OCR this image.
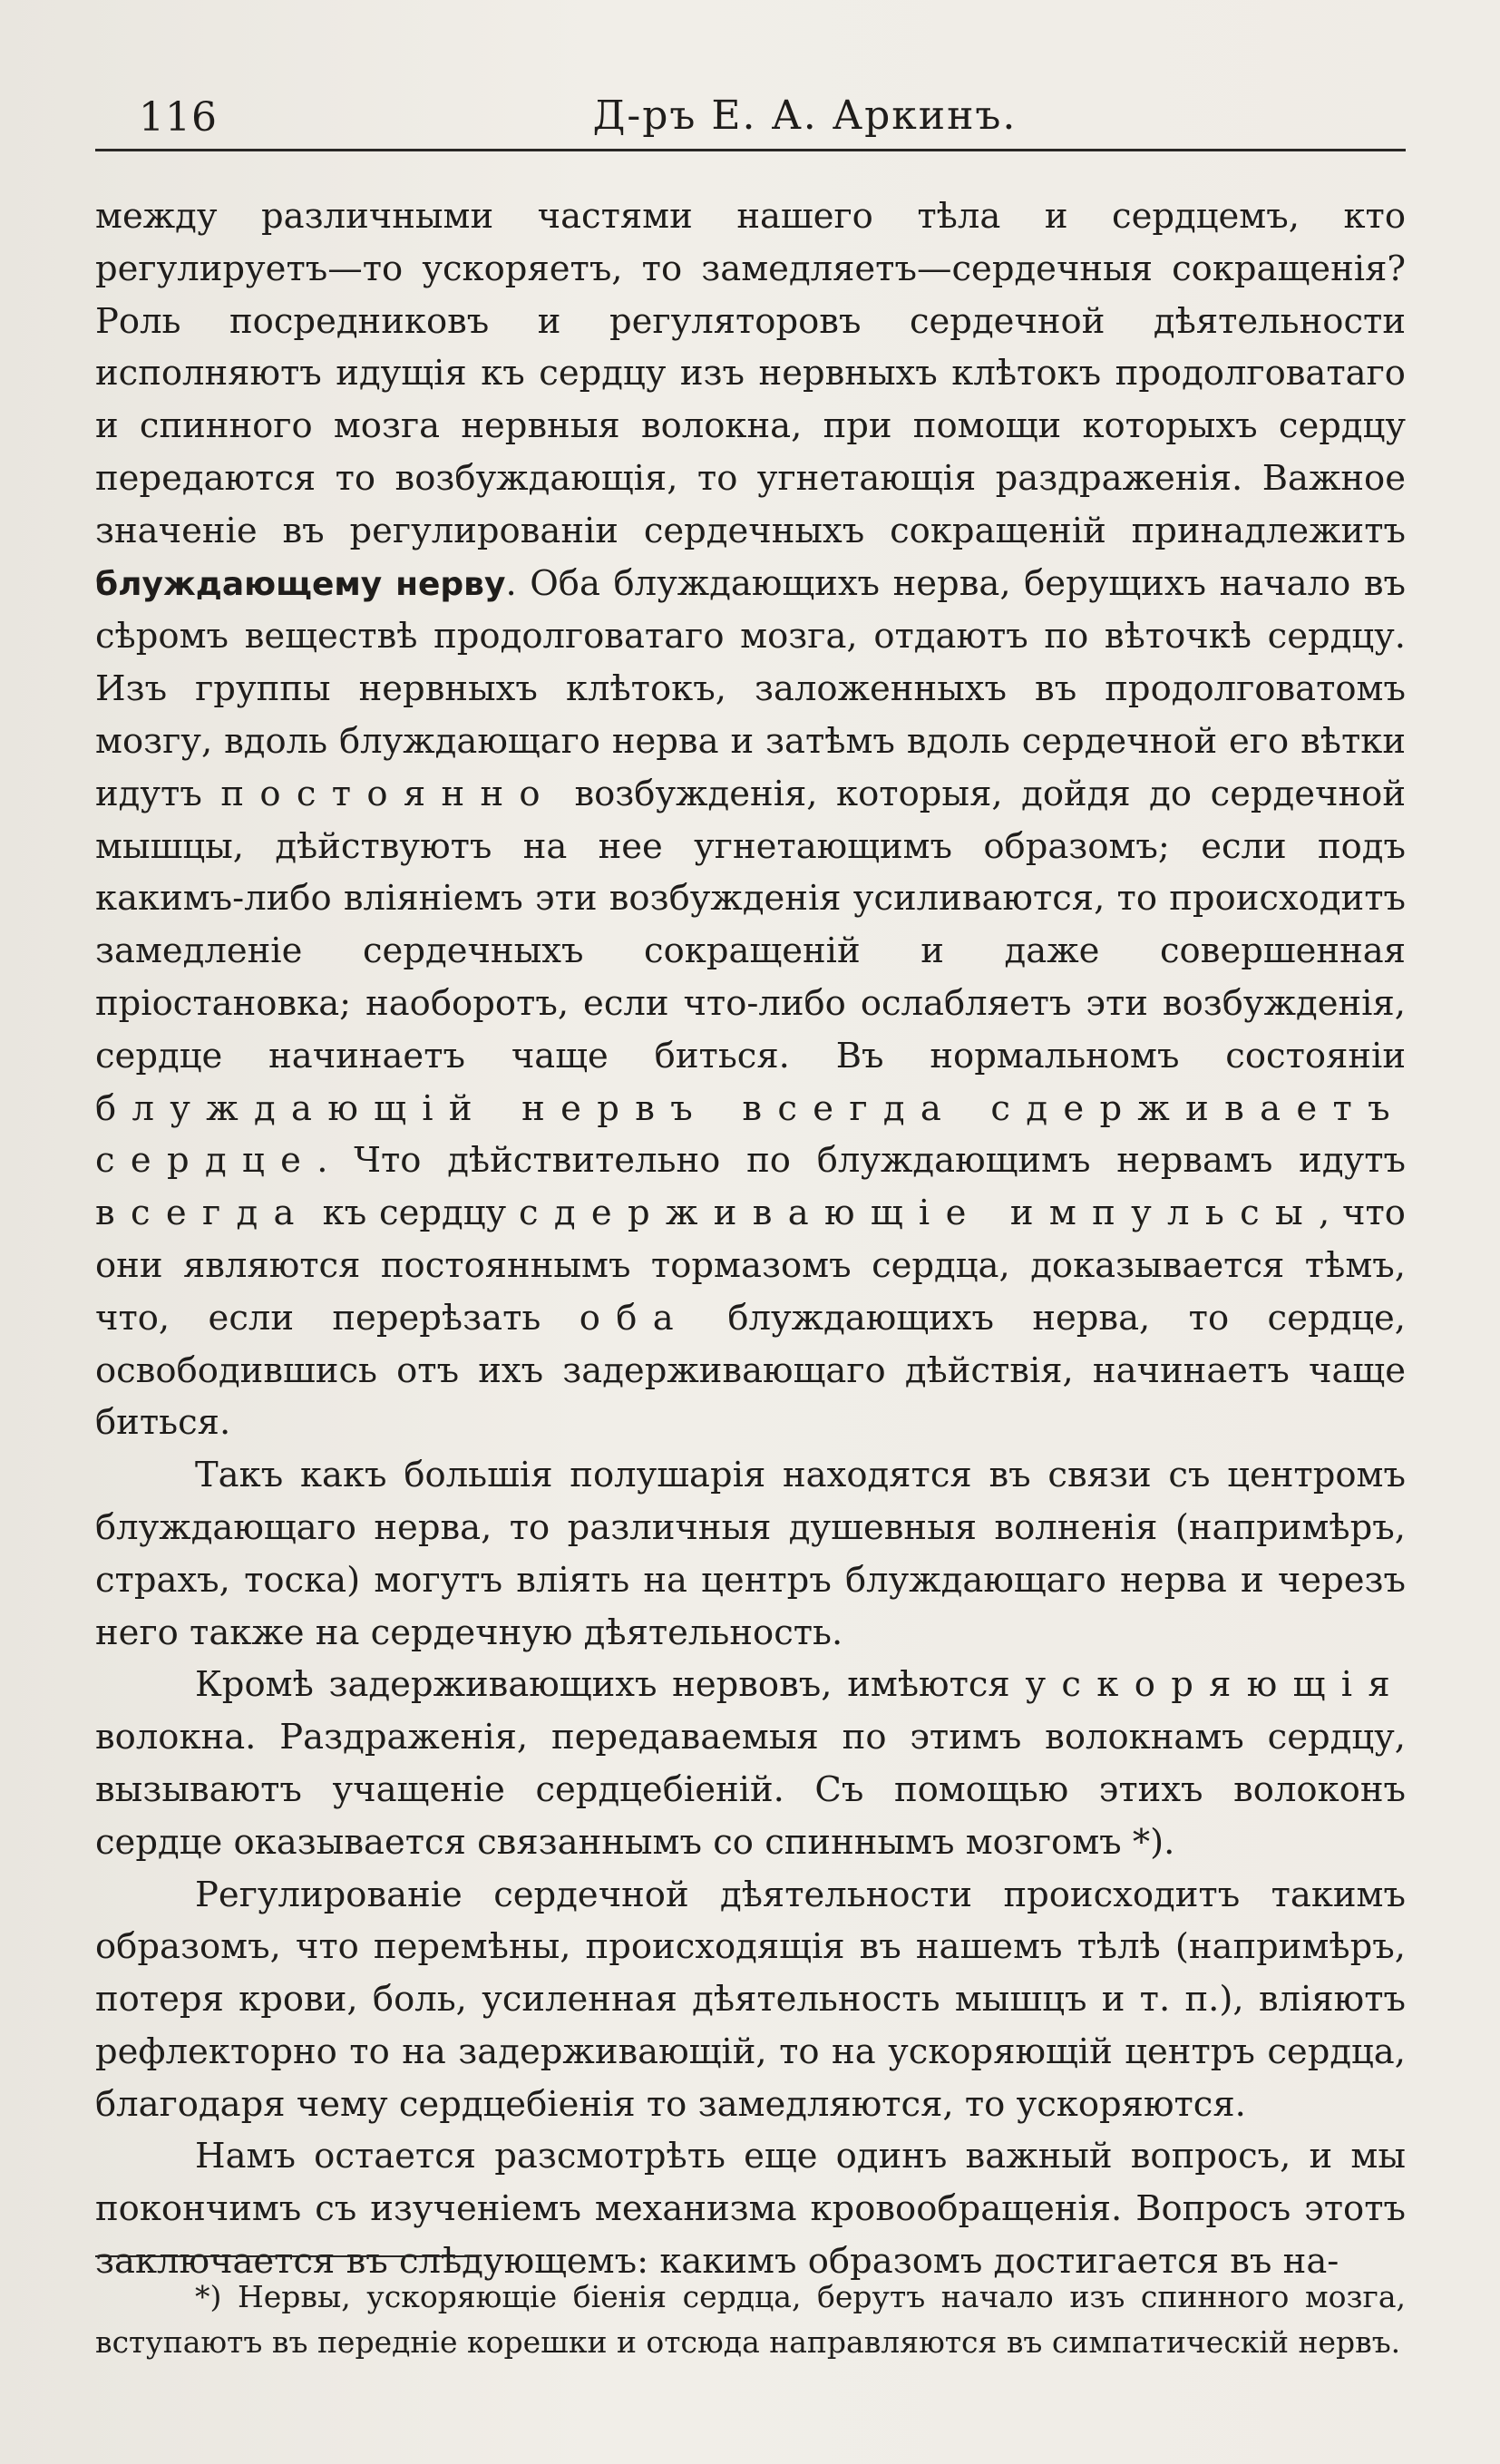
116	Д-ръ Е. А. Аркинъ.

между различными частями нашего тѣла и сердцемъ, кто регулируетъ—то ускоряетъ, то замедляетъ—сердечныя сокращенія? Роль посредниковъ и регуляторовъ сердечной дѣятельности исполняютъ идущія къ сердцу изъ нервныхъ клѣтокъ продолговатаго и спинного мозга нервныя волокна, при помощи которыхъ сердцу передаются то возбуждающія, то угнетающія раздраженія. Важное значеніе въ регулированіи сердечныхъ сокращеній принадлежитъ блуждающему нерву. Оба блуждающихъ нерва, берущихъ начало въ сѣромъ веществѣ продолговатаго мозга, отдаютъ по вѣточкѣ сердцу. Изъ группы нервныхъ клѣтокъ, заложенныхъ въ продолговатомъ мозгу, вдоль блуждающаго нерва и затѣмъ вдоль сердечной его вѣтки идутъ постоянно возбужденія, которыя, дойдя до сердечной мышцы, дѣйствуютъ на нее угнетающимъ образомъ; если подъ какимъ-либо вліяніемъ эти возбужденія усиливаются, то происходитъ замедленіе сердечныхъ сокращеній и даже совершенная пріостановка; наоборотъ, если что-либо ослабляетъ эти возбужденія, сердце начинаетъ чаще биться. Въ нормальномъ состояніи блуждающій нервъ всегда сдерживаетъ сердце. Что дѣйствительно по блуждающимъ нервамъ идутъ всегда къ сердцу сдерживающіе импульсы, что они являются постояннымъ тормазомъ сердца, доказывается тѣмъ, что, если перерѣзать оба блуждающихъ нерва, то сердце, освободившись отъ ихъ задерживающаго дѣйствія, начинаетъ чаще биться.

Такъ какъ большія полушарія находятся въ связи съ центромъ блуждающаго нерва, то различныя душевныя волненія (напримѣръ, страхъ, тоска) могутъ вліять на центръ блуждающаго нерва и черезъ него также на сердечную дѣятельность.

Кромѣ задерживающихъ нервовъ, имѣются ускоряющія волокна. Раздраженія, передаваемыя по этимъ волокнамъ сердцу, вызываютъ учащеніе сердцебіеній. Съ помощью этихъ волоконъ сердце оказывается связаннымъ со спиннымъ мозгомъ *).

Регулированіе сердечной дѣятельности происходитъ такимъ образомъ, что перемѣны, происходящія въ нашемъ тѣлѣ (напримѣръ, потеря крови, боль, усиленная дѣятельность мышцъ и т. п.), вліяютъ рефлекторно то на задерживающій, то на ускоряющій центръ сердца, благодаря чему сердцебіенія то замедляются, то ускоряются.

Намъ остается разсмотрѣть еще одинъ важный вопросъ, и мы покончимъ съ изученіемъ механизма кровообращенія. Вопросъ этотъ заключается въ слѣдующемъ: какимъ образомъ достигается въ на-

*) Нервы, ускоряющіе біенія сердца, берутъ начало изъ спинного мозга, вступаютъ въ передніе корешки и отсюда направляются въ симпатическій нервъ.
